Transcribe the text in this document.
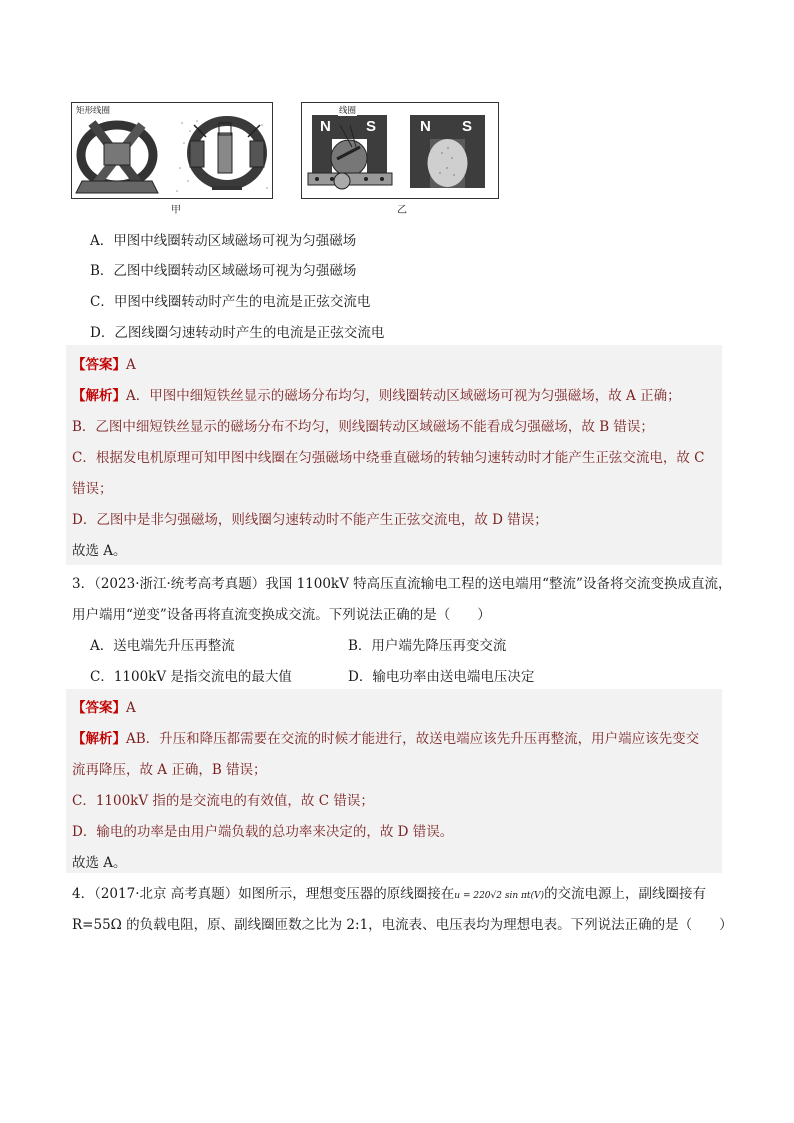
矩形线圈
甲
线圈
N S	N S
乙
A．甲图中线圈转动区域磁场可视为匀强磁场
B．乙图中线圈转动区域磁场可视为匀强磁场
C．甲图中线圈转动时产生的电流是正弦交流电
D．乙图线圈匀速转动时产生的电流是正弦交流电
【答案】A
【解析】A．甲图中细短铁丝显示的磁场分布均匀，则线圈转动区域磁场可视为匀强磁场，故 A 正确；
B．乙图中细短铁丝显示的磁场分布不均匀，则线圈转动区域磁场不能看成匀强磁场，故 B 错误；
C．根据发电机原理可知甲图中线圈在匀强磁场中绕垂直磁场的转轴匀速转动时才能产生正弦交流电，故 C
错误；
D．乙图中是非匀强磁场，则线圈匀速转动时不能产生正弦交流电，故 D 错误；
故选 A。
3．（2023·浙江·统考高考真题）我国 1100kV 特高压直流输电工程的送电端用“整流”设备将交流变换成直流，
用户端用“逆变”设备再将直流变换成交流。下列说法正确的是（　　）
A．送电端先升压再整流	B．用户端先降压再变交流
C．1100kV 是指交流电的最大值	D．输电功率由送电端电压决定
【答案】A
【解析】AB．升压和降压都需要在交流的时候才能进行，故送电端应该先升压再整流，用户端应该先变交
流再降压，故 A 正确，B 错误；
C．1100kV 指的是交流电的有效值，故 C 错误；
D．输电的功率是由用户端负载的总功率来决定的，故 D 错误。
故选 A。
4．（2017·北京 高考真题）如图所示，理想变压器的原线圈接在u = 220√2 sin πt(V)的交流电源上，副线圈接有
R=55Ω 的负载电阻，原、副线圈匝数之比为 2:1，电流表、电压表均为理想电表。下列说法正确的是（　　）
